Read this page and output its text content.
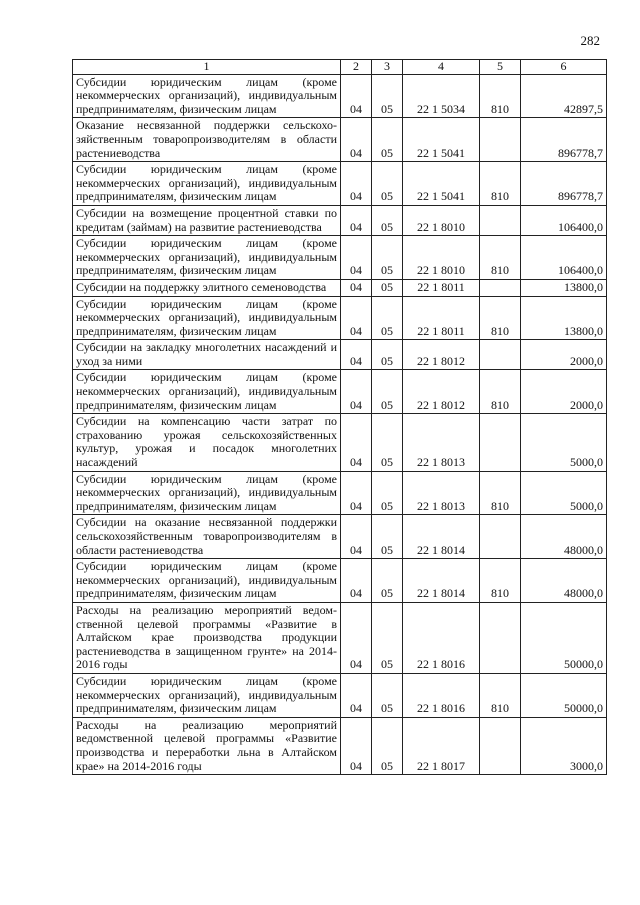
282
1	2	3	4	5	6
Субсидии юридическим лицам (кроме некоммерческих организаций), индивидуальным предпринимателям, физическим лицам	04	05	22 1 5034	810	42897,5
Оказание несвязанной поддержки сельскохозяйственным товаропроизводителям в области растениеводства	04	05	22 1 5041		896778,7
Субсидии юридическим лицам (кроме некоммерческих организаций), индивидуальным предпринимателям, физическим лицам	04	05	22 1 5041	810	896778,7
Субсидии на возмещение процентной ставки по кредитам (займам) на развитие растениеводства	04	05	22 1 8010		106400,0
Субсидии юридическим лицам (кроме некоммерческих организаций), индивидуальным предпринимателям, физическим лицам	04	05	22 1 8010	810	106400,0
Субсидии на поддержку элитного семеноводства	04	05	22 1 8011		13800,0
Субсидии юридическим лицам (кроме некоммерческих организаций), индивидуальным предпринимателям, физическим лицам	04	05	22 1 8011	810	13800,0
Субсидии на закладку многолетних насаждений и уход за ними	04	05	22 1 8012		2000,0
Субсидии юридическим лицам (кроме некоммерческих организаций), индивидуальным предпринимателям, физическим лицам	04	05	22 1 8012	810	2000,0
Субсидии на компенсацию части затрат по страхованию урожая сельскохозяйственных культур, урожая и посадок многолетних насаждений	04	05	22 1 8013		5000,0
Субсидии юридическим лицам (кроме некоммерческих организаций), индивидуальным предпринимателям, физическим лицам	04	05	22 1 8013	810	5000,0
Субсидии на оказание несвязанной поддержки сельскохозяйственным товаропроизводителям в области растениеводства	04	05	22 1 8014		48000,0
Субсидии юридическим лицам (кроме некоммерческих организаций), индивидуальным предпринимателям, физическим лицам	04	05	22 1 8014	810	48000,0
Расходы на реализацию мероприятий ведомственной целевой программы «Развитие в Алтайском крае производства продукции растениеводства в защищенном грунте» на 2014-2016 годы	04	05	22 1 8016		50000,0
Субсидии юридическим лицам (кроме некоммерческих организаций), индивидуальным предпринимателям, физическим лицам	04	05	22 1 8016	810	50000,0
Расходы на реализацию мероприятий ведомственной целевой программы «Развитие производства и переработки льна в Алтайском крае» на 2014-2016 годы	04	05	22 1 8017		3000,0
